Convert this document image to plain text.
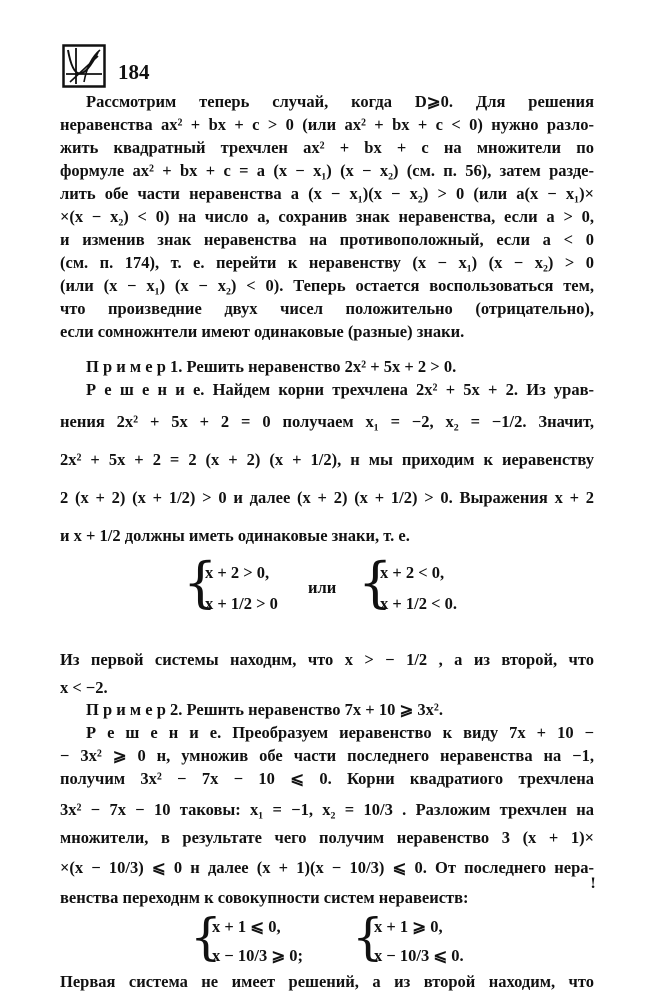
184
Рассмотрим теперь случай, когда D⩾0. Для решения
неравенства ax² + bx + c > 0 (или ax² + bx + c < 0) нужно разло-
жить квадратный трехчлен ax² + bx + c на множители по
формуле ax² + bx + c = a (x − x₁) (x − x₂) (см. п. 56), затем разде-
лить обе части неравенства a (x − x₁)(x − x₂) > 0 (или a(x − x₁)×
×(x − x₂) < 0) на число a, сохранив знак неравенства, если a > 0,
и изменив знак неравенства на противоположный, если a < 0
(см. п. 174), т. е. перейти к неравенству (x − x₁) (x − x₂) > 0
(или (x − x₁) (x − x₂) < 0). Теперь остается воспользоваться тем,
что произведние двух чисел положительно (отрицательно),
если сомножнтели имеют одинаковые (разные) знаки.
П р и м е р 1. Решить неравенство 2x² + 5x + 2 > 0.
Р е ш е н и е. Найдем корни трехчлена 2x² + 5x + 2. Из урав-
нения 2x² + 5x + 2 = 0 получаем x₁ = −2, x₂ = −1/2. Значит,
2x² + 5x + 2 = 2 (x + 2) (x + 1/2), н мы приходим к иеравенству
2 (x + 2) (x + 1/2) > 0 и далее (x + 2) (x + 1/2) > 0. Выражения x + 2
и x + 1/2 должны иметь одинаковые знаки, т. е.
{
x + 2 > 0,
x + 1/2 > 0
или {
x + 2 < 0,
x + 1/2 < 0.
Из первой системы находнм, что x > − 1/2 , а из второй, что
x < −2.
П р и м е р 2. Решнть неравенство 7x + 10 ⩾ 3x².
Р е ш е н и е. Преобразуем иеравенство к виду 7x + 10 −
− 3x² ⩾ 0 н, умножив обе части последнего неравенства на −1,
получим 3x² − 7x − 10 ⩽ 0. Корни квадратиого трехчлена
3x² − 7x − 10 таковы: x₁ = −1, x₂ = 10/3 . Разложим трехчлен на
множители, в результате чего получим неравенство 3 (x + 1)×
×(x − 10/3) ⩽ 0 н далее (x + 1)(x − 10/3) ⩽ 0. От последнего нера-
венства переходнм к совокупности систем неравеиств:
{
x + 1 ⩽ 0,
x − 10/3 ⩾ 0; {
x + 1 ⩾ 0,
x − 10/3 ⩽ 0.
!
Первая система не имеет решений, а из второй находим, что
